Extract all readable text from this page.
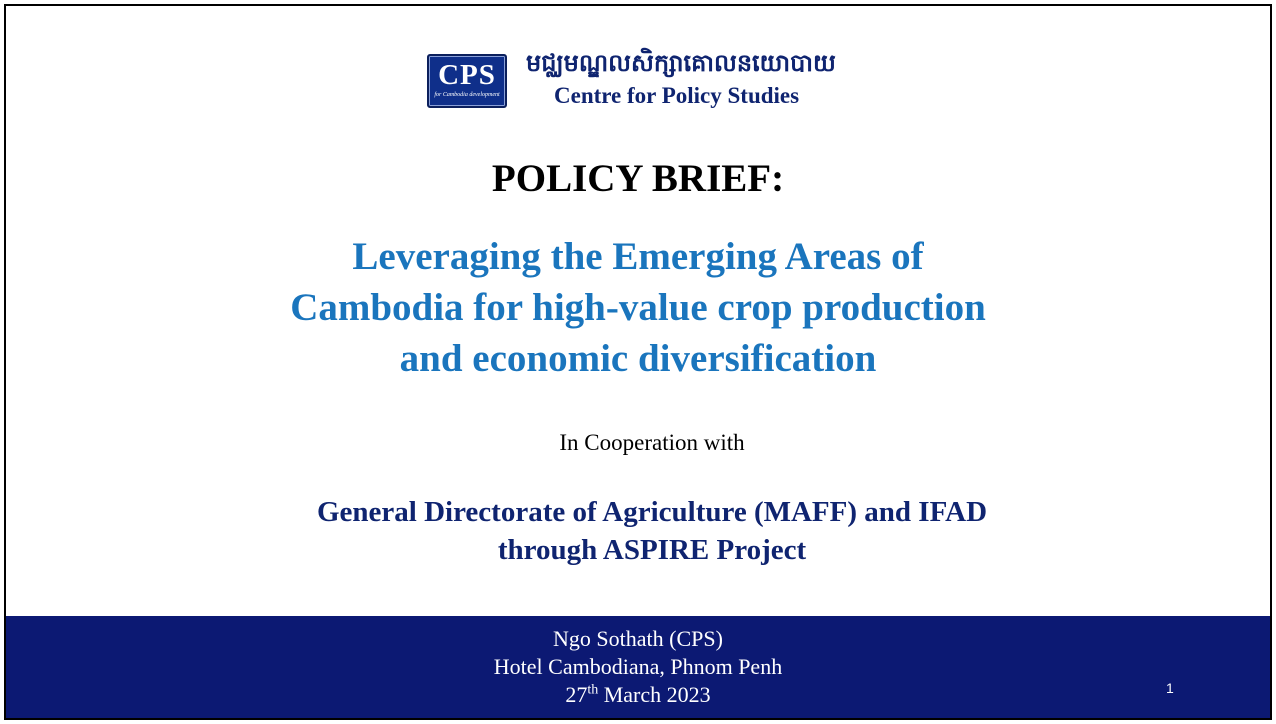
CPS
for Cambodia development
មជ្ឈមណ្ឌលសិក្សាគោលនយោបាយ
Centre for Policy Studies
POLICY BRIEF:
Leveraging the Emerging Areas of
Cambodia for high-value crop production
and economic diversification
In Cooperation with
General Directorate of Agriculture (MAFF) and IFAD
through ASPIRE Project
Ngo Sothath (CPS)
Hotel Cambodiana, Phnom Penh
27th March 2023	1
